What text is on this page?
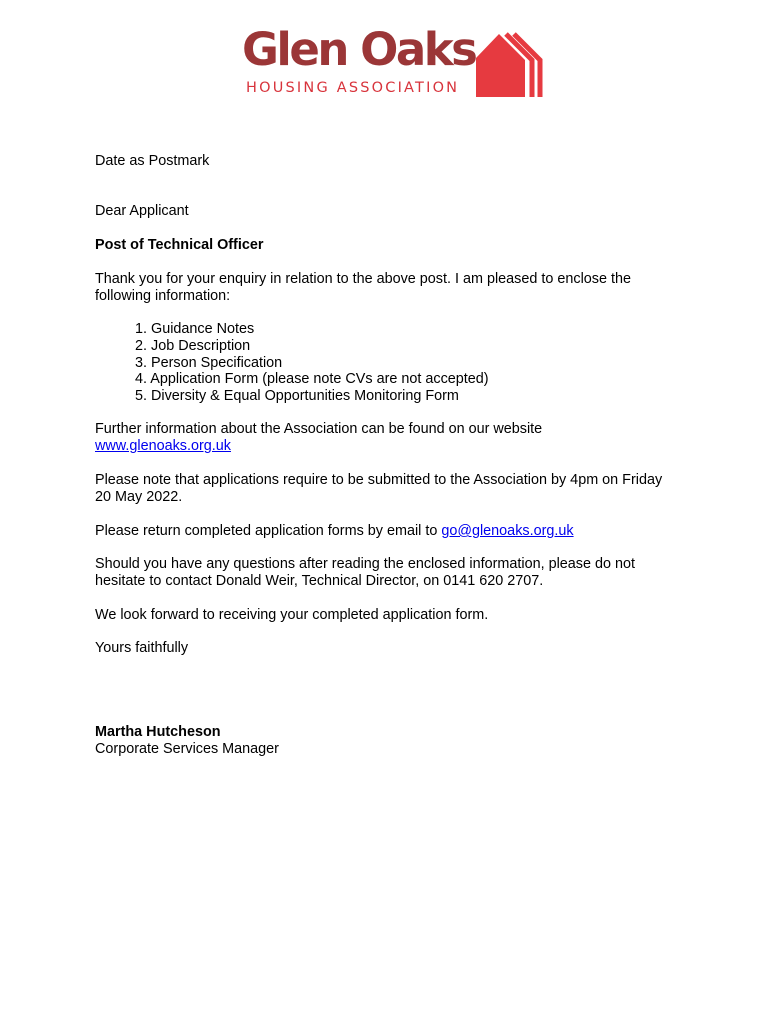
Glen Oaks
HOUSING ASSOCIATION

Date as Postmark

Dear Applicant

Post of Technical Officer

Thank you for your enquiry in relation to the above post. I am pleased to enclose the following information:

1. Guidance Notes
2. Job Description
3. Person Specification
4. Application Form (please note CVs are not accepted)
5. Diversity & Equal Opportunities Monitoring Form

Further information about the Association can be found on our website
www.glenoaks.org.uk

Please note that applications require to be submitted to the Association by 4pm on Friday 20 May 2022.

Please return completed application forms by email to go@glenoaks.org.uk

Should you have any questions after reading the enclosed information, please do not hesitate to contact Donald Weir, Technical Director, on 0141 620 2707.

We look forward to receiving your completed application form.

Yours faithfully

Martha Hutcheson

Corporate Services Manager
